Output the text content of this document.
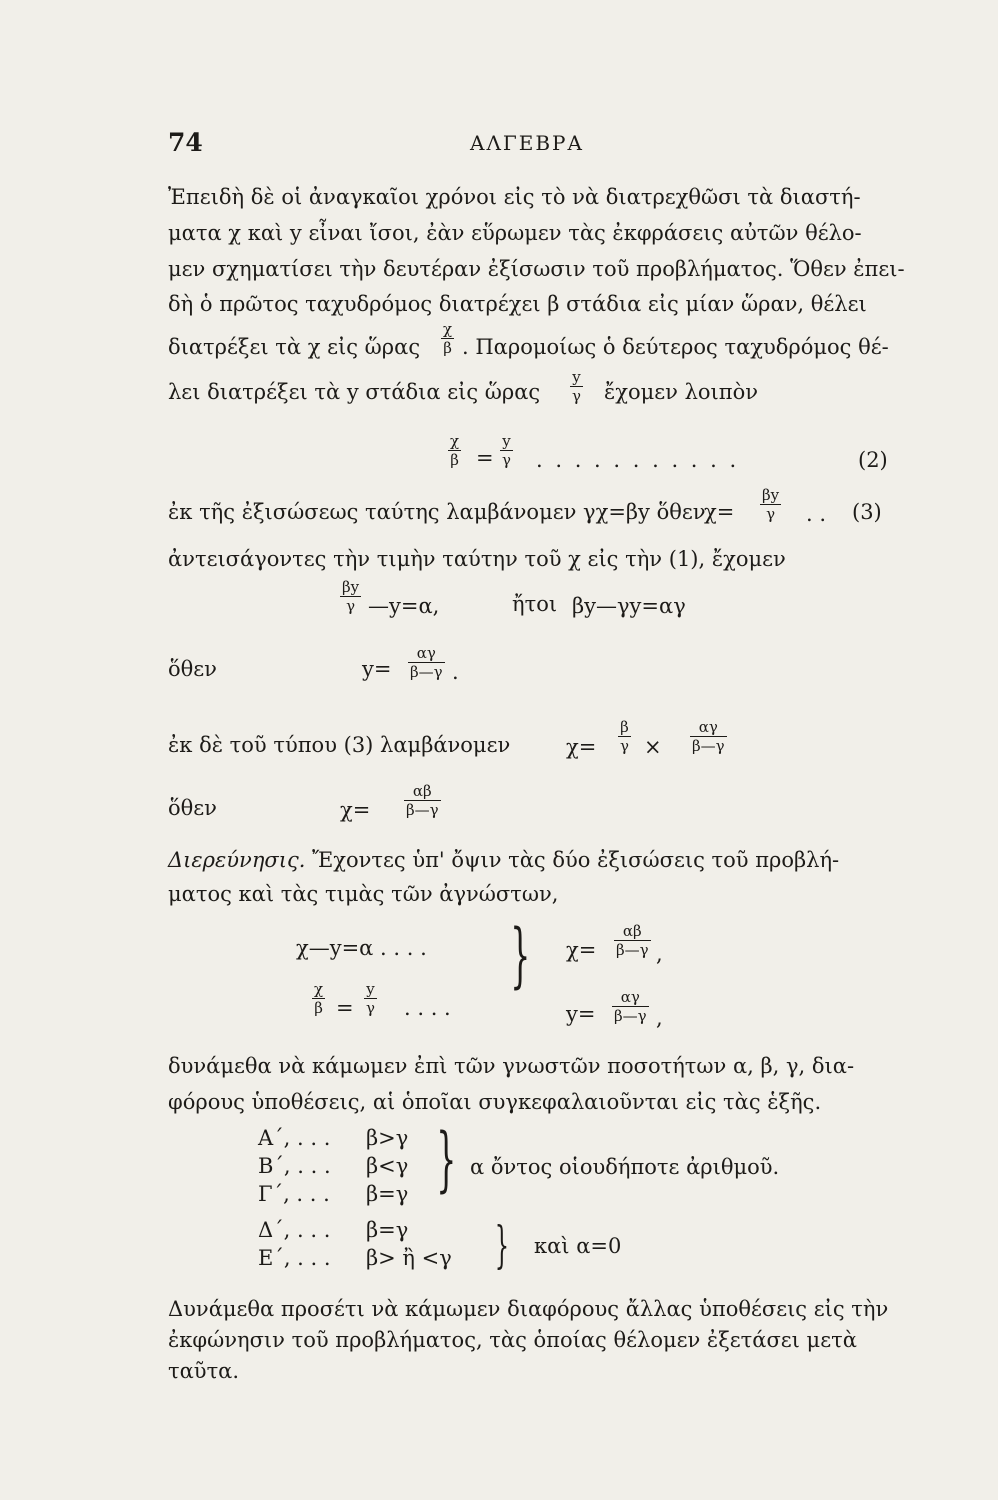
74	ΑΛΓΕΒΡΑ
Ἐπειδὴ δὲ οἱ ἀναγκαῖοι χρόνοι εἰς τὸ νὰ διατρεχθῶσι τὰ διαστή-
ματα χ καὶ y εἶναι ἴσοι, ἐὰν εὕρωμεν τὰς ἐκφράσεις αὐτῶν θέλο-
μεν σχηματίσει τὴν δευτέραν ἐξίσωσιν τοῦ προβλήματος. Ὅθεν ἐπει-
δὴ ὁ πρῶτος ταχυδρόμος διατρέχει β στάδια εἰς μίαν ὥραν, θέλει
διατρέξει τὰ χ εἰς ὥρας $\frac{\chi}{\beta}$ . Παρομοίως ὁ δεύτερος ταχυδρόμος θέ-
λει διατρέξει τὰ y στάδια εἰς ὥρας $\frac{y}{\gamma}$ ἔχομεν λοιπὸν
$\frac{\chi}{\beta} = \frac{y}{\gamma}$ . . . . . . . . . . .	(2)
ἐκ τῆς ἐξισώσεως ταύτης λαμβάνομεν γχ=βy ὅθεν
$\chi= \frac{\beta y}{\gamma}$ . . (3)
ἀντεισάγοντες τὴν τιμὴν ταύτην τοῦ χ εἰς τὴν (1), ἔχομεν
$\frac{\beta y}{\gamma}$ —y=α,	ἤτοι βy—γy=αγ
ὅθεν	$y= \frac{\alpha\gamma}{\beta—\gamma}$ .
ἐκ δὲ τοῦ τύπου (3) λαμβάνομεν	$\chi= \frac{\beta}{\gamma} \times \frac{\alpha\gamma}{\beta—\gamma}$
ὅθεν	$\chi= \frac{\alpha\beta}{\beta—\gamma}$
Διερεύνησις. Ἔχοντες ὑπ' ὄψιν τὰς δύο ἐξισώσεις τοῦ προβλή-
ματος καὶ τὰς τιμὰς τῶν ἀγνώστων,
χ—y=α . . . .
$\frac{\chi}{\beta} = \frac{y}{\gamma}$ . . . .
} $\chi= \frac{\alpha\beta}{\beta—\gamma}$ ,
$y= \frac{\alpha\gamma}{\beta—\gamma}$ ,
δυνάμεθα νὰ κάμωμεν ἐπὶ τῶν γνωστῶν ποσοτήτων α, β, γ, δια-
φόρους ὑποθέσεις, αἱ ὁποῖαι συγκεφαλαιοῦνται εἰς τὰς ἑξῆς.
Α΄, . . . β>γ
Β΄, . . . β<γ
Γ΄, . . . β=γ } α ὄντος οἱουδήποτε ἀριθμοῦ.
Δ΄, . . . β=γ
Ε΄, . . . β> ἢ <γ } καὶ α=0
Δυνάμεθα προσέτι νὰ κάμωμεν διαφόρους ἄλλας ὑποθέσεις εἰς τὴν
ἐκφώνησιν τοῦ προβλήματος, τὰς ὁποίας θέλομεν ἐξετάσει μετὰ
ταῦτα.
